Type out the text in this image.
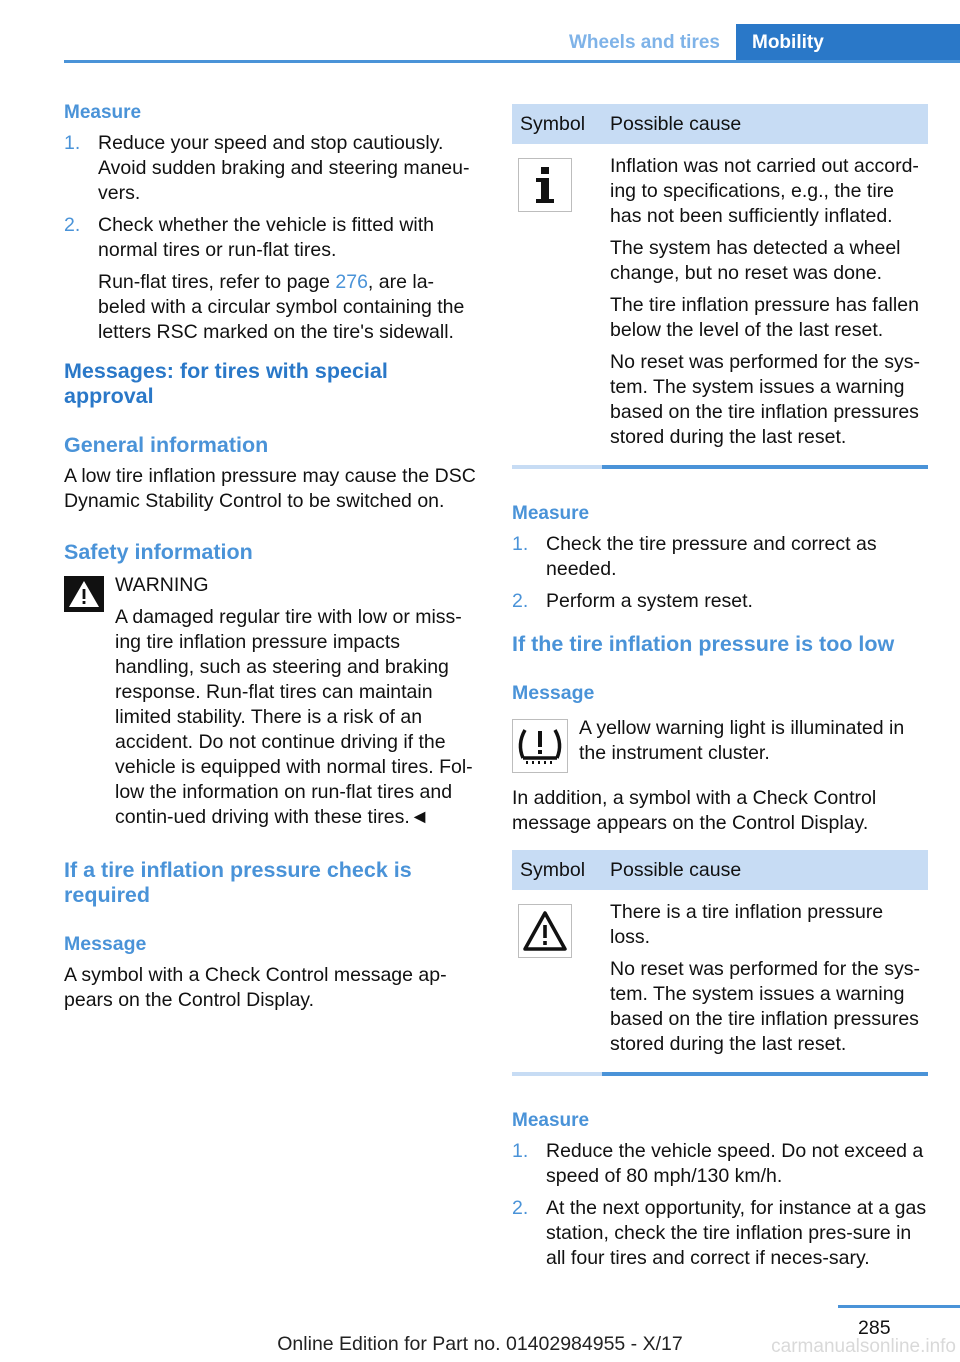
Wheels and tires	Mobility
Measure
1. Reduce your speed and stop cautiously. Avoid sudden braking and steering maneu‐vers.
2. Check whether the vehicle is fitted with normal tires or run-flat tires.

Run-flat tires, refer to page 276, are la‐beled with a circular symbol containing the letters RSC marked on the tire's sidewall.

Messages: for tires with special approval
General information

A low tire inflation pressure may cause the DSC Dynamic Stability Control to be switched on.

Safety information
WARNING
A damaged regular tire with low or miss‐ing tire inflation pressure impacts handling, such as steering and braking response. Run-flat tires can maintain limited stability. There is a risk of an accident. Do not continue driving if the vehicle is equipped with normal tires. Fol‐low the information on run-flat tires and contin‐ued driving with these tires.◄
If a tire inflation pressure check is required
Message

A symbol with a Check Control message ap‐pears on the Control Display.

Symbol	Possible cause

Inflation was not carried out accord‐ing to specifications, e.g., the tire has not been sufficiently inflated.

The system has detected a wheel change, but no reset was done.

The tire inflation pressure has fallen below the level of the last reset.

No reset was performed for the sys‐tem. The system issues a warning based on the tire inflation pressures stored during the last reset.

Measure
1. Check the tire pressure and correct as needed.
2. Perform a system reset.
If the tire inflation pressure is too low
Message
A yellow warning light is illuminated in the instrument cluster.

In addition, a symbol with a Check Control message appears on the Control Display.

Symbol	Possible cause

There is a tire inflation pressure loss.

No reset was performed for the sys‐tem. The system issues a warning based on the tire inflation pressures stored during the last reset.

Measure
1. Reduce the vehicle speed. Do not exceed a speed of 80 mph/130 km/h.
2. At the next opportunity, for instance at a gas station, check the tire inflation pres‐sure in all four tires and correct if neces‐sary.
285
Online Edition for Part no. 01402984955 - X/17	carmanualsonline.info
